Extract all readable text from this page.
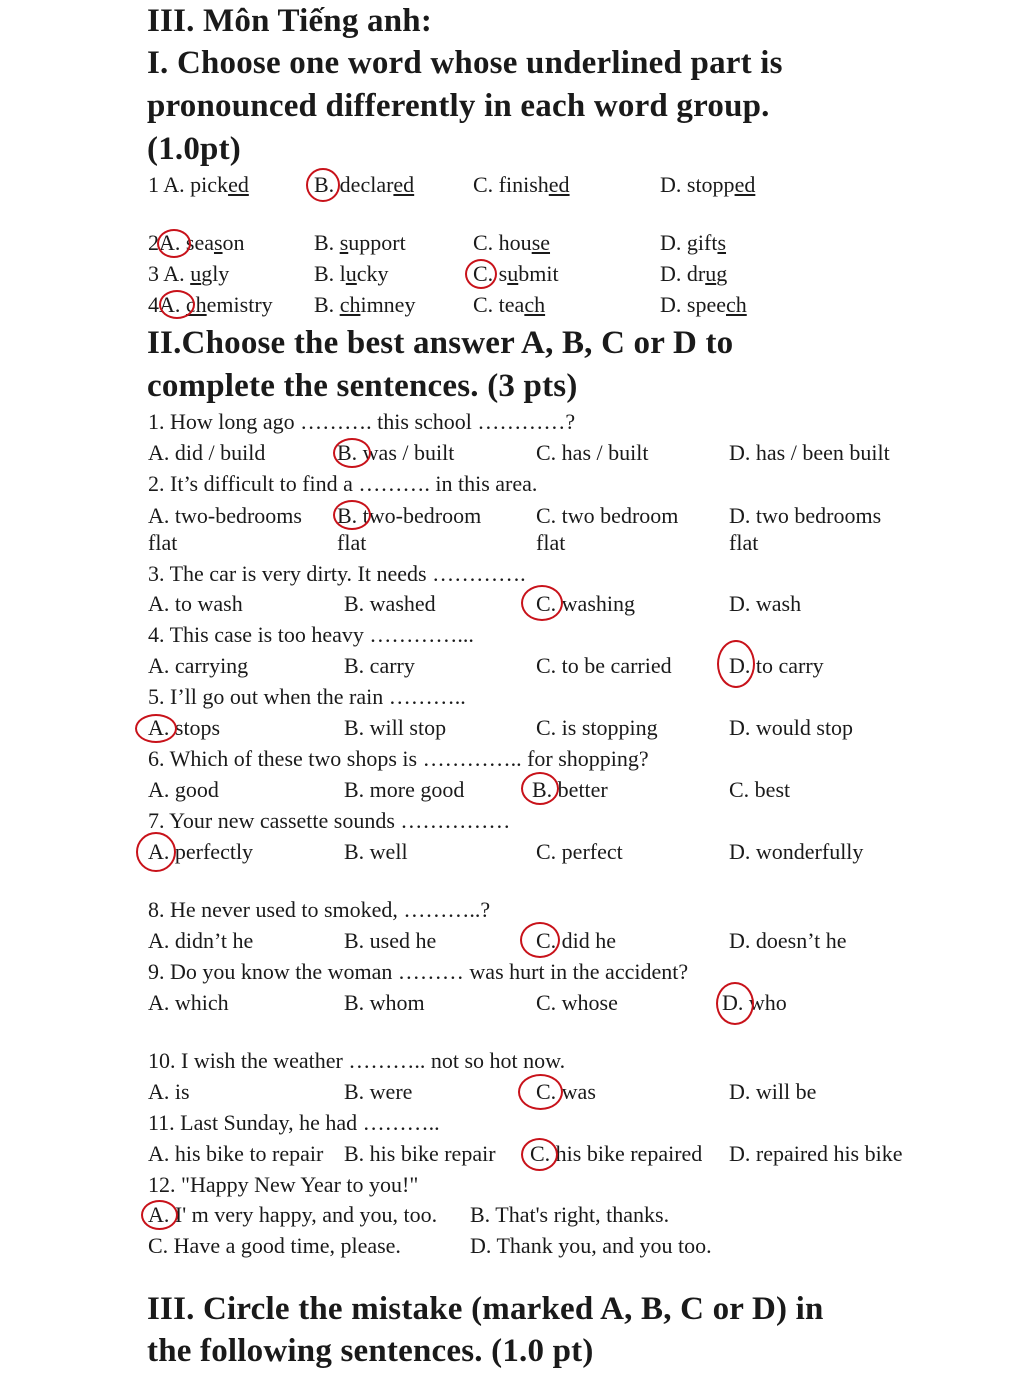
III. Môn Tiếng anh:
I. Choose one word whose underlined part is
pronounced differently in each word group.
(1.0pt)
1 A. picked	B. declared	C. finished	D. stopped
2A. season	B. support	C. house	D. gifts
3 A. ugly	B. lucky	C. submit	D. drug
4A. chemistry B. chimney	C. teach	D. speech
II.Choose the best answer A, B, C or D to
complete the sentences. (3 pts)
1. How long ago ………. this school …………?
A. did / build	B. was / built	C. has / built	D. has / been built
2. It’s difficult to find a ………. in this area.
A. two-bedrooms flat
B. two-bedroom flat
C. two bedroom flat
D. two bedrooms flat
3. The car is very dirty. It needs ………….
A. to wash	B. washed	C. washing	D. wash
4. This case is too heavy …………...
A. carrying	B. carry	C. to be carried	D. to carry
5. I’ll go out when the rain ………..
A. stops	B. will stop	C. is stopping	D. would stop
6. Which of these two shops is ………….. for shopping?
A. good	B. more good	B. better	C. best
7. Your new cassette sounds ……………
A. perfectly	B. well	C. perfect	D. wonderfully
8. He never used to smoked, ………..?
A. didn’t he	B. used he	C. did he	D. doesn’t he
9. Do you know the woman ……… was hurt in the accident?
A. which	B. whom	C. whose	D. who
10. I wish the weather ……….. not so hot now.
A. is	B. were	C. was	D. will be
11. Last Sunday, he had ………..
A. his bike to repair B. his bike repair C. his bike repaired D. repaired his bike
12. "Happy New Year to you!"
A. I' m very happy, and you, too. B. That's right, thanks.
C. Have a good time, please.	D. Thank you, and you too.
III. Circle the mistake (marked A, B, C or D) in
the following sentences. (1.0 pt)
